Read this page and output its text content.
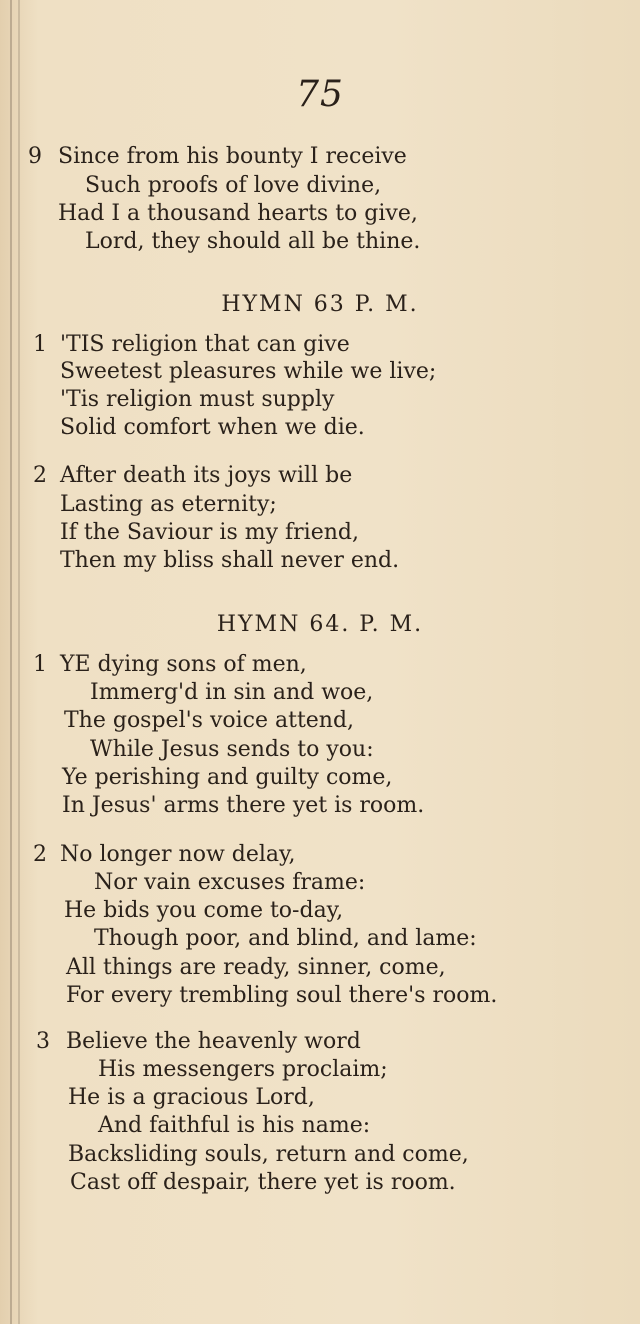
75
9 Since from his bounty I receive
Such proofs of love divine,
Had I a thousand hearts to give,
Lord, they should all be thine.
HYMN 63 P. M.
1 'TIS religion that can give
Sweetest pleasures while we live;
'Tis religion must supply
Solid comfort when we die.
2 After death its joys will be
Lasting as eternity;
If the Saviour is my friend,
Then my bliss shall never end.
HYMN 64. P. M.
1 YE dying sons of men,
Immerg'd in sin and woe,
The gospel's voice attend,
While Jesus sends to you:
Ye perishing and guilty come,
In Jesus' arms there yet is room.
2 No longer now delay,
Nor vain excuses frame:
He bids you come to-day,
Though poor, and blind, and lame:
All things are ready, sinner, come,
For every trembling soul there's room.
3 Believe the heavenly word
His messengers proclaim;
He is a gracious Lord,
And faithful is his name:
Backsliding souls, return and come,
Cast off despair, there yet is room.
